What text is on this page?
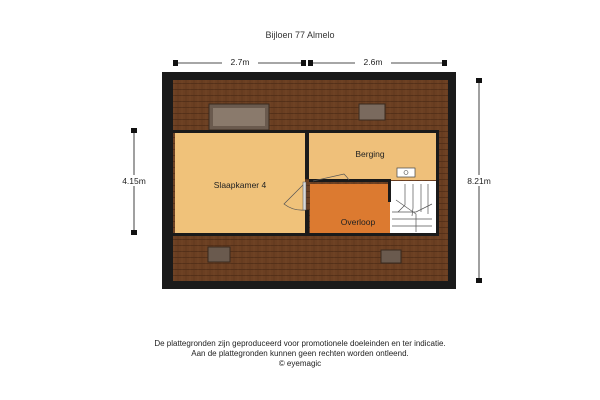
Bijloen 77 Almelo
Slaapkamer 4
Berging
Overloop
2.7m	2.6m
4.15m	8.21m
De plattegronden zijn geproduceerd voor promotionele doeleinden en ter indicatie.
Aan de plattegronden kunnen geen rechten worden ontleend.
© eyemagic
